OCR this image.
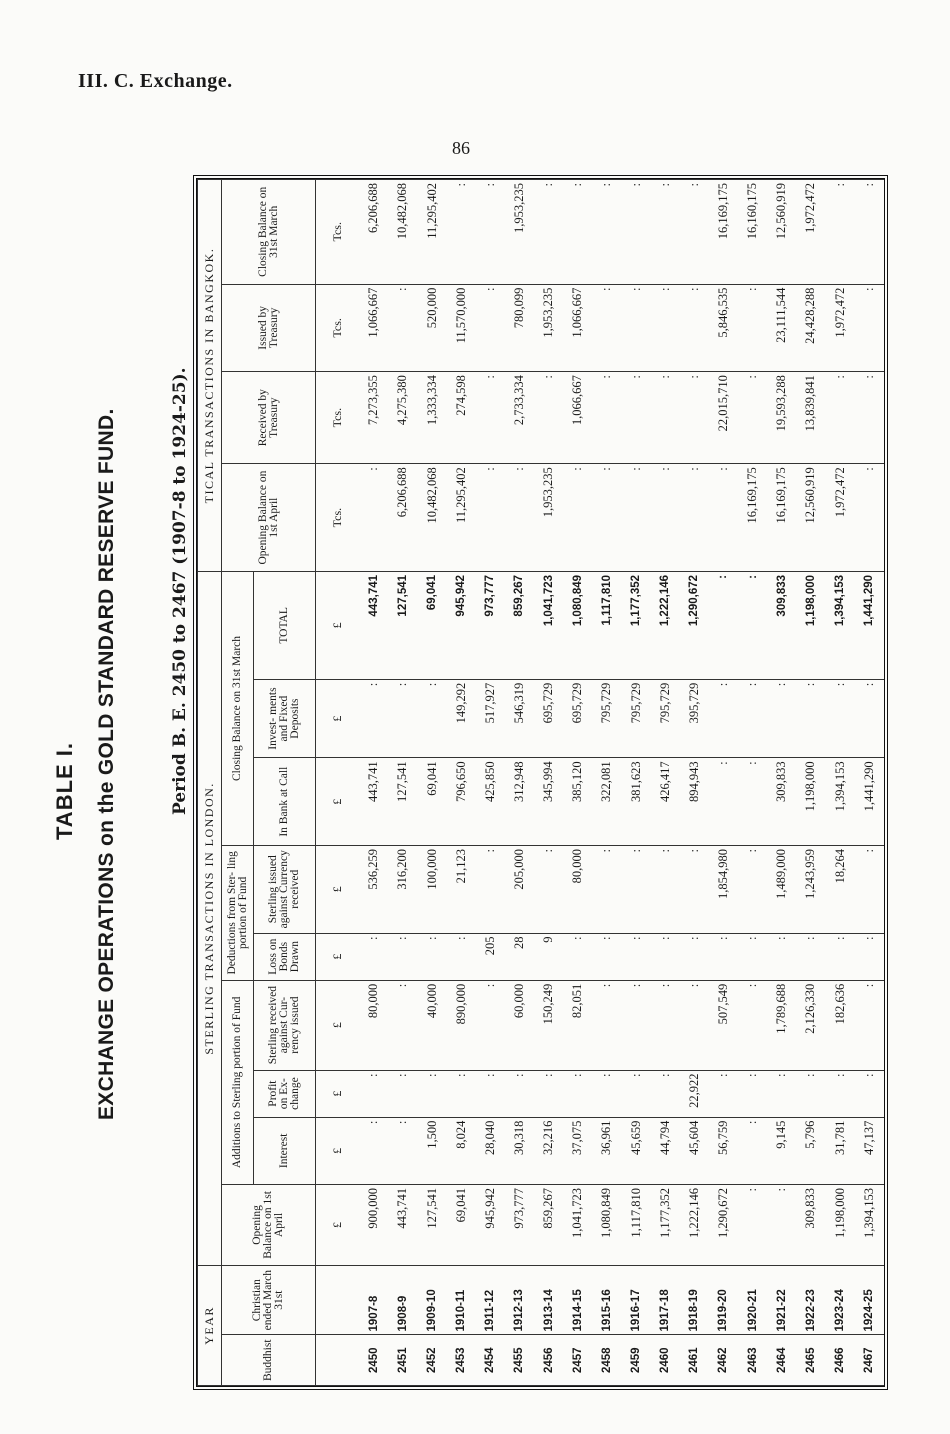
III. C. Exchange.
86
TABLE I. EXCHANGE OPERATIONS on the GOLD STANDARD RESERVE FUND.	Period B. E. 2450 to 2467 (1907-8 to 1924-25).
YEAR		STERLING TRANSACTIONS IN LONDON.									TICAL TRANSACTIONS IN BANGKOK.			
Buddhist	Christian ended March 31st	Opening Balance on 1st April	Additions to Sterling portion of Fund			Deductions from Ster- ling portion of Fund		Closing Balance on 31st March			Opening Balance on 1st April	Received by Treasury	Issued by Treasury	Closing Balance on 31st March
			Interest	Profit on Ex- change	Sterling received against Cur- rency issued	Loss on Bonds Drawn	Sterling issued against Currency received	In Bank at Call	Invest- ments and Fixed Deposits	TOTAL				
		£	£	£	£	£	£	£	£	£	Tcs.	Tcs.	Tcs.	Tcs.
2450	1907-8	900,000	:	:	80,000	:	536,259	443,741	:	443,741	:	7,273,355	1,066,667	6,206,688
2451	1908-9	443,741	:	:	:	:	316,200	127,541	:	127,541	6,206,688	4,275,380	:	10,482,068
2452	1909-10	127,541	1,500	:	40,000	:	100,000	69,041	:	69,041	10,482,068	1,333,334	520,000	11,295,402
2453	1910-11	69,041	8,024	:	890,000	:	21,123	796,650	149,292	945,942	11,295,402	274,598	11,570,000	:
2454	1911-12	945,942	28,040	:	:	205	:	425,850	517,927	973,777	:	:	:	:
2455	1912-13	973,777	30,318	:	60,000	28	205,000	312,948	546,319	859,267	:	2,733,334	780,099	1,953,235
2456	1913-14	859,267	32,216	:	150,249	9	:	345,994	695,729	1,041,723	1,953,235	:	1,953,235	:
2457	1914-15	1,041,723	37,075	:	82,051	:	80,000	385,120	695,729	1,080,849	:	1,066,667	1,066,667	:
2458	1915-16	1,080,849	36,961	:	:	:	:	322,081	795,729	1,117,810	:	:	:	:
2459	1916-17	1,117,810	45,659	:	:	:	:	381,623	795,729	1,177,352	:	:	:	:
2460	1917-18	1,177,352	44,794	:	:	:	:	426,417	795,729	1,222,146	:	:	:	:
2461	1918-19	1,222,146	45,604	22,922	:	:	:	894,943	395,729	1,290,672	:	:	:	:
2462	1919-20	1,290,672	56,759	:	507,549	:	1,854,980	:	:	:	:	22,015,710	5,846,535	16,169,175
2463	1920-21	:	:	:	:	:	:	:	:	:	16,169,175	:	:	16,160,175
2464	1921-22	:	9,145	:	1,789,688	:	1,489,000	309,833	:	309,833	16,169,175	19,593,288	23,111,544	12,560,919
2465	1922-23	309,833	5,796	:	2,126,330	:	1,243,959	1,198,000	:	1,198,000	12,560,919	13,839,841	24,428,288	1,972,472
2466	1923-24	1,198,000	31,781	:	182,636	:	18,264	1,394,153	:	1,394,153	1,972,472	:	1,972,472	:
2467	1924-25	1,394,153	47,137	:	:	:	:	1,441,290	:	1,441,290	:	:	:	:
